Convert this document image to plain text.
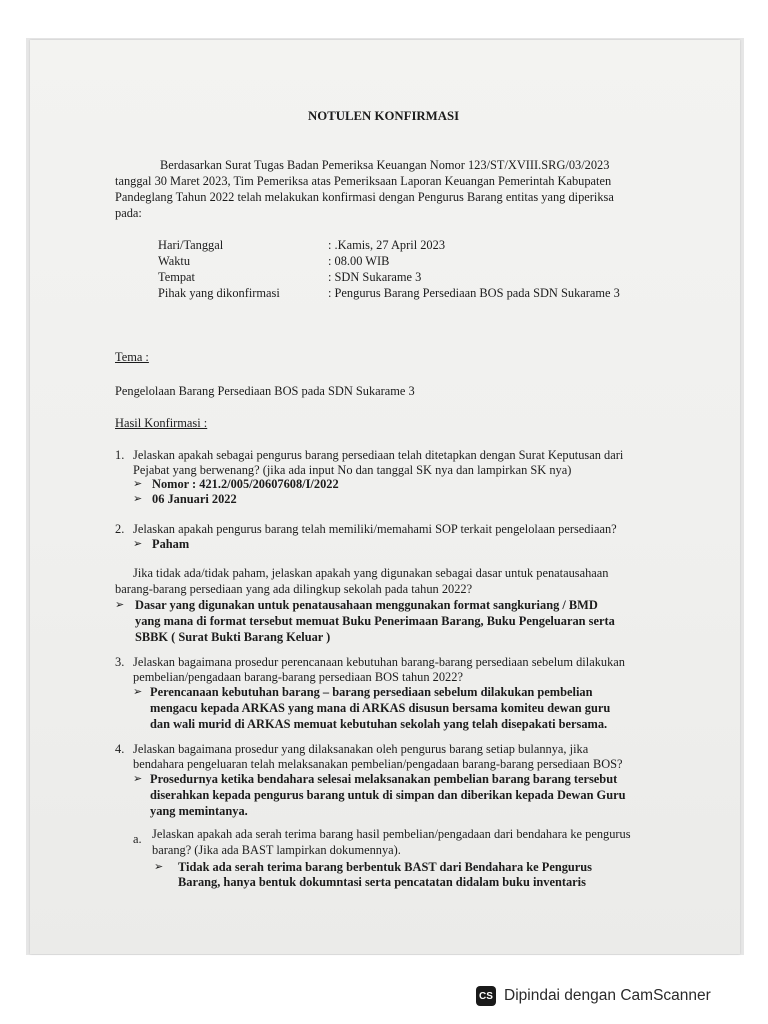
NOTULEN KONFIRMASI
Berdasarkan Surat Tugas Badan Pemeriksa Keuangan Nomor 123/ST/XVIII.SRG/03/2023
tanggal 30 Maret 2023, Tim Pemeriksa atas Pemeriksaan Laporan Keuangan Pemerintah Kabupaten
Pandeglang Tahun 2022 telah melakukan konfirmasi dengan Pengurus Barang entitas yang diperiksa
pada:
Hari/Tanggal	: .Kamis, 27 April 2023
Waktu	: 08.00 WIB
Tempat	: SDN Sukarame 3
Pihak yang dikonfirmasi	: Pengurus Barang Persediaan BOS pada SDN Sukarame 3
Tema :
Pengelolaan Barang Persediaan BOS pada SDN Sukarame 3
Hasil Konfirmasi :
1. Jelaskan apakah sebagai pengurus barang persediaan telah ditetapkan dengan Surat Keputusan dari
Pejabat yang berwenang? (jika ada input No dan tanggal SK nya dan lampirkan SK nya)
➢ Nomor : 421.2/005/20607608/I/2022
➢ 06 Januari 2022
2. Jelaskan apakah pengurus barang telah memiliki/memahami SOP terkait pengelolaan persediaan?
➢ Paham
Jika tidak ada/tidak paham, jelaskan apakah yang digunakan sebagai dasar untuk penatausahaan
barang-barang persediaan yang ada dilingkup sekolah pada tahun 2022?
➢ Dasar yang digunakan untuk penatausahaan menggunakan format sangkuriang / BMD
yang mana di format tersebut memuat Buku Penerimaan Barang, Buku Pengeluaran serta
SBBK ( Surat Bukti Barang Keluar )
3. Jelaskan bagaimana prosedur perencanaan kebutuhan barang-barang persediaan sebelum dilakukan
pembelian/pengadaan barang-barang persediaan BOS tahun 2022?
➢ Perencanaan kebutuhan barang – barang persediaan sebelum dilakukan pembelian
mengacu kepada ARKAS yang mana di ARKAS disusun bersama komiteu dewan guru
dan wali murid di ARKAS memuat kebutuhan sekolah yang telah disepakati bersama.
4. Jelaskan bagaimana prosedur yang dilaksanakan oleh pengurus barang setiap bulannya, jika
bendahara pengeluaran telah melaksanakan pembelian/pengadaan barang-barang persediaan BOS?
➢ Prosedurnya ketika bendahara selesai melaksanakan pembelian barang barang tersebut
diserahkan kepada pengurus barang untuk di simpan dan diberikan kepada Dewan Guru
yang memintanya.
a. Jelaskan apakah ada serah terima barang hasil pembelian/pengadaan dari bendahara ke pengurus
barang? (Jika ada BAST lampirkan dokumennya).
➢ Tidak ada serah terima barang berbentuk BAST dari Bendahara ke Pengurus
Barang, hanya bentuk dokumntasi serta pencatatan didalam buku inventaris
CS Dipindai dengan CamScanner
